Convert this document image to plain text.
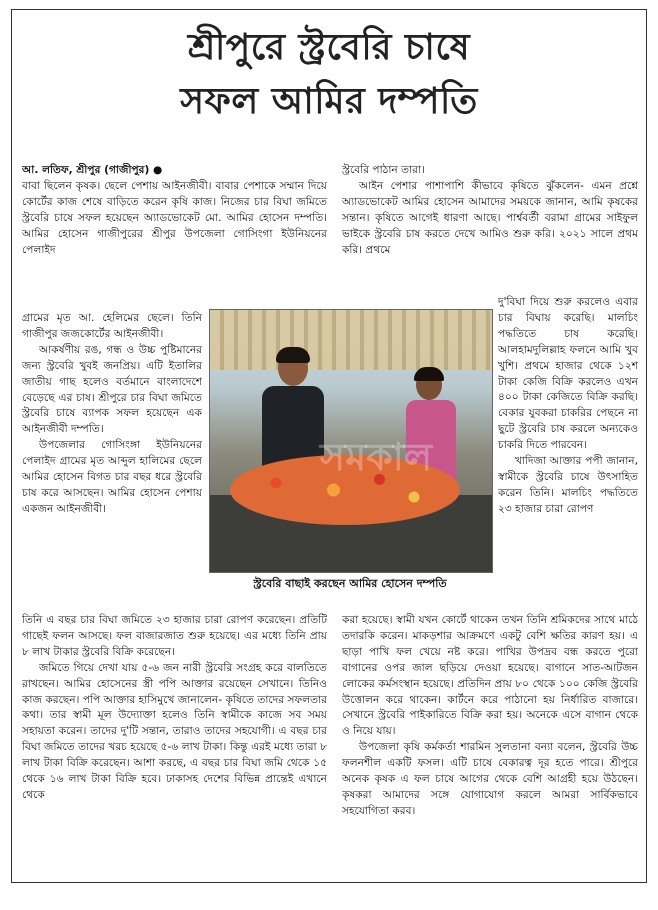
শ্রীপুরে স্ট্রবেরি চাষে
সফল আমির দম্পতি

আ. লতিফ, শ্রীপুর (গাজীপুর) ●

বাবা ছিলেন কৃষক। ছেলে পেশায় আইনজীবী। বাবার পেশাকে সম্মান দিয়ে কোর্টের কাজ শেষে বাড়িতে করেন কৃষি কাজ। নিজের চার বিঘা জমিতে স্ট্রবেরি চাষে সফল হয়েছেন অ্যাডভোকেট মো. আমির হোসেন দম্পতি। আমির হোসেন গাজীপুরের শ্রীপুর উপজেলা গোসিংগা ইউনিয়নের পেলাইদ

গ্রামের মৃত আ. হেলিমের ছেলে। তিনি গাজীপুর জজকোর্টের আইনজীবী।

আকর্ষণীয় রঙ, গন্ধ ও উচ্চ পুষ্টিমানের জন্য স্ট্রবেরি খুবই জনপ্রিয়। এটি ইতালির জাতীয় গাছ হলেও বর্তমানে বাংলাদেশে বেড়েছে এর চাষ। শ্রীপুরে চার বিঘা জমিতে স্ট্রবেরি চাষে ব্যাপক সফল হয়েছেন এক আইনজীবী দম্পতি।

উপজেলার গোসিংঙ্গা ইউনিয়নের পেলাইদ গ্রামের মৃত আব্দুল হালিমের ছেলে আমির হোসেন বিগত চার বছর ধরে স্ট্রবেরি চাষ করে আসছেন। আমির হোসেন পেশায় একজন আইনজীবী।

তিনি এ বছর চার বিঘা জমিতে ২৩ হাজার চারা রোপণ করেছেন। প্রতিটি গাছেই ফলন আসছে। ফল বাজারজাত শুরু হয়েছে। এর মধ্যে তিনি প্রায় ৮ লাখ টাকার স্ট্রবেরি বিক্রি করেছেন।

জমিতে গিয়ে দেখা যায় ৫-৬ জন নারী স্ট্রবেরি সংগ্রহ করে বালতিতে রাখছেন। আমির হোসেনের স্ত্রী পপি আক্তার রয়েছেন সেখানে। তিনিও কাজ করছেন। পপি আক্তার হাসিমুখে জানালেন- কৃষিতে তাদের সফলতার কথা। তার স্বামী মূল উদ্যোক্তা হলেও তিনি স্বামীকে কাজে সব সময় সহায়তা করেন। তাদের দু'টি সন্তান, তারাও তাদের সহযোগী। এ বছর চার বিঘা জমিতে তাদের খরচ হয়েছে ৫-৬ লাখ টাকা। কিন্তু এরই মধ্যে তারা ৮ লাখ টাকা বিক্রি করেছেন। আশা করছে, এ বছর চার বিঘা জমি থেকে ১৫ থেকে ১৬ লাখ টাকা বিক্রি হবে। ঢাকাসহ দেশের বিভিন্ন প্রান্তেই এখানে থেকে

স্ট্রবেরি পাঠান তারা।

আইন পেশার পাশাপাশি কীভাবে কৃষিতে ঝুঁকলেন- এমন প্রশ্নে অ্যাডভোকেট আমির হোসেন আমাদের সময়কে জানান, আমি কৃষকের সন্তান। কৃষিতে আগেই ধারণা আছে। পার্শ্ববর্তী বরামা গ্রামের সাইফুল ভাইকে স্ট্রবেরি চাষ করতে দেখে আমিও শুরু করি। ২০২১ সালে প্রথম করি। প্রথমে

দু'বিঘা দিয়ে শুরু করলেও এবার চার বিঘায় করেছি। মালচিং পদ্ধতিতে চাষ করেছি। আলহামদুলিল্লাহ ফলনে আমি খুব খুশি। প্রথমে হাজার থেকে ১২শ টাকা কেজি বিক্রি করলেও এখন ৪০০ টাকা কেজিতে বিক্রি করছি। বেকার যুবকরা চাকরির পেছনে না ছুটে স্ট্রবেরি চাষ করলে অন্যকেও চাকরি দিতে পারবেন।

খাদিজা আক্তার পপী জানান, স্বামীকে স্ট্রবেরি চাষে উৎসাহিত করেন তিনি। মালচিং পদ্ধতিতে ২৩ হাজার চারা রোপণ

করা হয়েছে। স্বামী যখন কোর্টে থাকেন তখন তিনি শ্রমিকদের সাথে মাঠে তদারকি করেন। মাকড়শার আক্রমণে একটু বেশি ক্ষতির কারণ হয়। এ ছাড়া পাখি ফল খেয়ে নষ্ট করে। পাখির উপদ্রব বন্ধ করতে পুরো বাগানের ওপর জাল ছড়িয়ে দেওয়া হয়েছে। বাগানে সাত-আটজন লোকের কর্মসংস্থান হয়েছে। প্রতিদিন প্রায় ৮০ থেকে ১০০ কেজি স্ট্রবেরি উত্তোলন করে থাকেন। কার্টনে করে পাঠানো হয় নির্ধারিত বাজারে। সেখানে স্ট্রবেরি পাইকারিতে বিক্রি করা হয়। অনেকে এসে বাগান থেকে ও নিয়ে যায়।

উপজেলা কৃষি কর্মকর্তা শারমিন সুলতানা বন্যা বলেন, স্ট্রবেরি উচ্চ ফলনশীল একটি ফসল। এটি চাষে বেকারত্ব দূর হতে পারে। শ্রীপুরে অনেক কৃষক এ ফল চাষে আগের থেকে বেশি আগ্রহী হয়ে উঠছেন। কৃষকরা আমাদের সঙ্গে যোগাযোগ করলে আমরা সার্বিকভাবে সহযোগিতা করব।

সমকাল
স্ট্রবেরি বাছাই করছেন আমির হোসেন দম্পতি
